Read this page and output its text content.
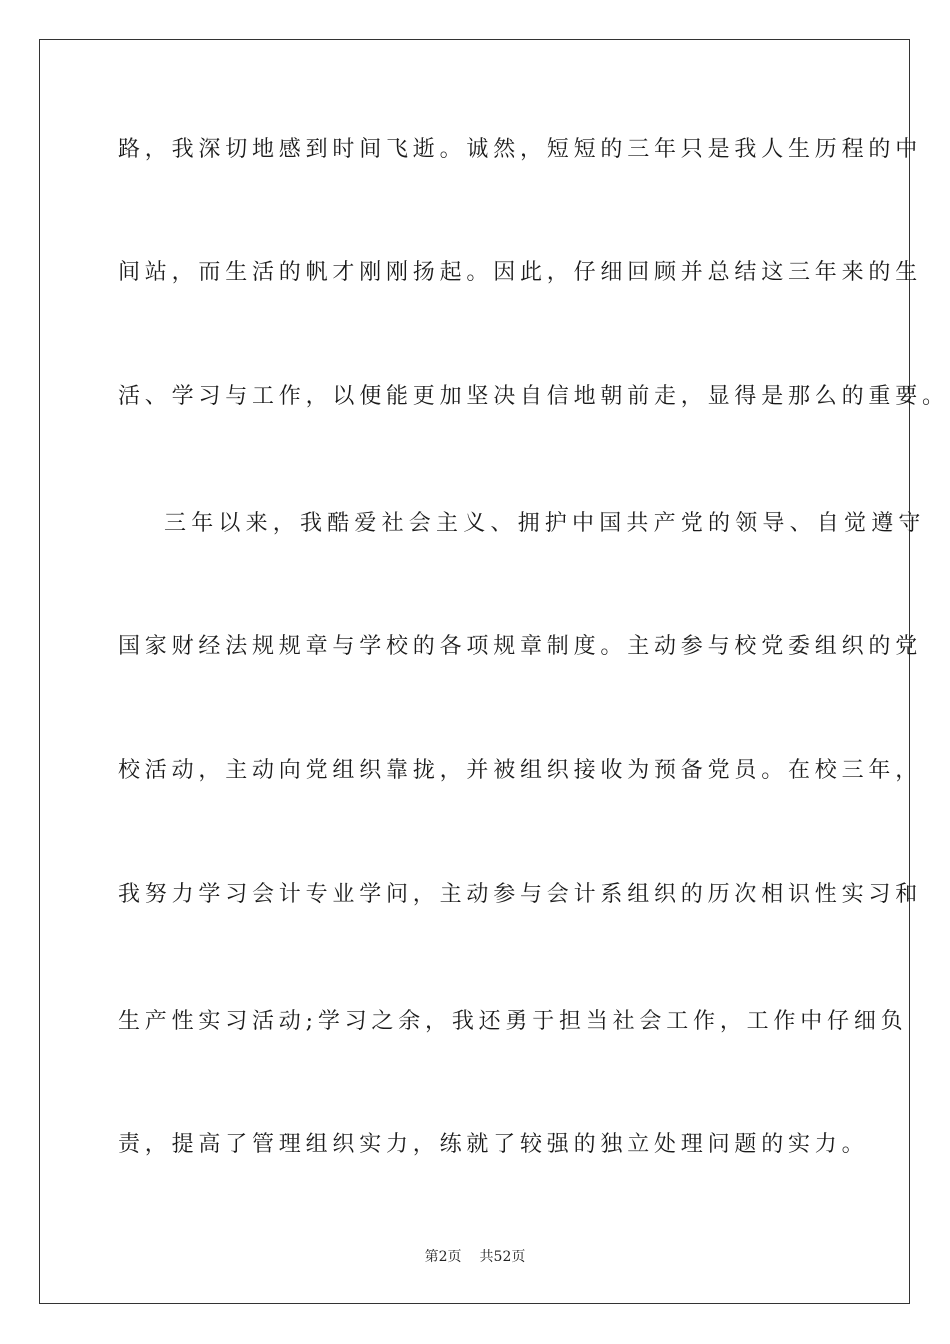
路，我深切地感到时间飞逝。诚然，短短的三年只是我人生历程的中
间站，而生活的帆才刚刚扬起。因此，仔细回顾并总结这三年来的生
活、学习与工作，以便能更加坚决自信地朝前走，显得是那么的重要。
三年以来，我酷爱社会主义、拥护中国共产党的领导、自觉遵守
国家财经法规规章与学校的各项规章制度。主动参与校党委组织的党
校活动，主动向党组织靠拢，并被组织接收为预备党员。在校三年，
我努力学习会计专业学问，主动参与会计系组织的历次相识性实习和
生产性实习活动;学习之余，我还勇于担当社会工作，工作中仔细负
责，提高了管理组织实力，练就了较强的独立处理问题的实力。
第2页 共52页
